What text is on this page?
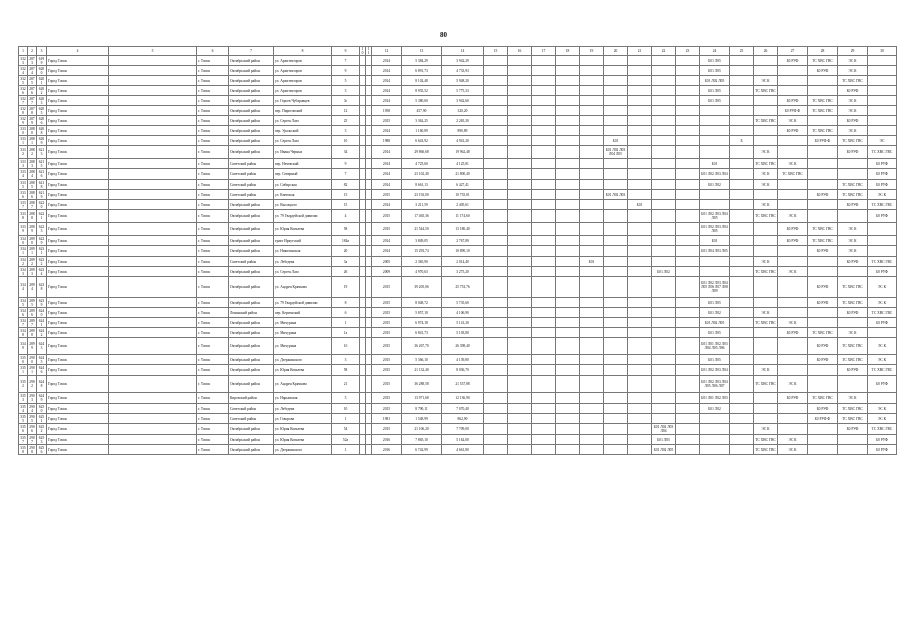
80
1	2	3	4	5	6	7	8	9	10	11	12	13	14	15	16	17	18	19	20	21	22	23	24	25	26	27	28	29	30
3323	2873	6199	Город Томск		г. Томск	Октябрьский район	ул. Архитекторов	7			2014	5 384,29	3 942,29										Б01 Л05			Б0 РУФ	ТС ХВС ГВС	ЭС К	
3324	2874	6200	Город Томск		г. Томск	Октябрьский район	ул. Архитекторов	9			2014	6 891,73	4 733,93										Б01 Л05				Б0 РУФ	ЭС К	
3325	2875	6201	Город Томск		г. Томск	Октябрьский район	ул. Архитекторов	5			2014	8 102,48	5 948,20										Б01 Л02 Л05		ЭС К			ТС ХВС ГВС	
3326	2876	6202	Город Томск		г. Томск	Октябрьский район	ул. Архитекторов	3			2014	8 935,52	5 775,33										Б01 Л05		ТС ХВС ГВС			Б0 РУФ	
3327	2877	6203	Город Томск		г. Томск	Октябрьский район	ул. Героев Чубаровцев	3г			2014	5 380,60	3 942,60										Б01 Л05			Б0 РУФ	ТС ХВС ГВС	ЭС К	
3328	2878	6205	Город Томск		г. Томск	Октябрьский район	пер. Пироговский	12			1958	457,90	320,20													Б0 РУФ Ф	ТС ХВС ГВС	ЭС К	
3329	2879	6206	Город Томск		г. Томск	Октябрьский район	ул. Сергея Лазо	25			2015	3 362,25	2 265,30												ТС ХВС ГВС	ЭС К		Б0 РУФ	
3330	2880	6208	Город Томск		г. Томск	Октябрьский район	пер. Уральский	3			2014	1 160,89	890,89													Б0 РУФ	ТС ХВС ГВС	ЭС К	
3331	2881	6209	Город Томск		г. Томск	Октябрьский район	ул. Сергея Лазо	10			1988	6 643,92	4 941,20						Б01					Б			Б0 РУФ Ф	ТС ХВС ГВС	ЭС
3332	2882	6213	Город Томск		г. Томск	Октябрьский район	ул. Ивана Черных	34			2014	29 860,68	19 962,48						Б01 Л02 Л03 Л04 Л05						ЭС К			Б0 РУФ	ТС ХВС ГВС
3333	2883	6215	Город Томск		г. Томск	Советский район	пер. Нечевский	9			2014	4 725,60	4 125,81										Б01		ТС ХВС ГВС	ЭС К			Б0 РУФ
3334	2884	6216	Город Томск		г. Томск	Советский район	пер. Северный	7			2014	23 102,40	21 800,40										Б01 Л02 Л03 Л04		ЭС К	ТС ХВС ГВС			Б0 РУФ
3335	2885	6218	Город Томск		г. Томск	Советский район	ул. Сибирская	82			2014	8 661,13	6 427,41										Б01 Л02		ЭС К			ТС ХВС ГВС	Б0 РУФ
3336	2886	6219	Город Томск		г. Томск	Советский район	ул. Киевская	15			2015	23 192,00	10 735,01						Б01 Л02 Л03								Б0 РУФ	ТС ХВС ГВС	ЭС К
3337	2887	6220	Город Томск		г. Томск	Октябрьский район	ул. Высоцкого	15			2014	3 211,59	2 405,61							Б01					ЭС К			Б0 РУФ	ТС ХВС ГВС
3338	2888	6221	Город Томск		г. Томск	Октябрьский район	ул. 79 Гвардейской дивизии	4			2015	17 465,36	11 174,60										Б01 Л02 Л03 Л04 Л05		ТС ХВС ГВС	ЭС К			Б0 РУФ
3339	2889	6223	Город Томск		г. Томск	Октябрьский район	ул. Юрия Ковалева	58			2015	21 544,50	13 180,40										Б01 Л02 Л03 Л04 Л05			Б0 РУФ	ТС ХВС ГВС	ЭС К	
3340	2890	6229	Город Томск		г. Томск	Октябрьский район	тракт Иркутский	184а			2014	3 849,05	2 767,80										Б01			Б0 РУФ	ТС ХВС ГВС	ЭС К	
3341	2891	6231	Город Томск		г. Томск	Октябрьский район	ул. Никитинская	20			2014	15 293,74	10 890,10										Б01 Л04 Л03 Л05				Б0 РУФ	ЭС К	
3342	2892	6232	Город Томск		г. Томск	Советский район	ул. Лебедева	3а			2005	2 365,90	2 014,40					Б01							ЭС К			Б0 РУФ	ТС ХВС ГВС
3343	2893	6234	Город Томск		г. Томск	Октябрьский район	ул. Сергея Лазо	26			2009	4 970,63	3 275,20								Б01 Л02				ТС ХВС ГВС	ЭС К			Б0 РУФ
3344	2894	6238	Город Томск		г. Томск	Октябрьский район	ул. Андрея Крячкова	19			2015	39 205,06	25 753,76										Б01 Л02 Л03 Л04 Л05 Л06 Л07 Л08 Л09				Б0 РУФ	ТС ХВС ГВС	ЭС К
3345	2895	6239	Город Томск		г. Томск	Октябрьский район	ул. 79 Гвардейской дивизии	8			2015	8 048,72	5 735,60										Б01 Л05				Б0 РУФ	ТС ХВС ГВС	ЭС К
3346	2896	6240	Город Томск		г. Томск	Ленинский район	пер. Керченский	6			2015	5 857,10	4 106,90										Б01 Л02		ЭС К			Б0 РУФ	ТС ХВС ГВС
3347	2897	6241	Город Томск		г. Томск	Октябрьский район	ул. Мичурина	1			2015	6 974,18	5 141,20										Б01 Л02 Л05		ТС ХВС ГВС	ЭС К			Б0 РУФ
3348	2898	6242	Город Томск		г. Томск	Октябрьский район	ул. Мичурина	1а			2015	6 841,73	5 103,80										Б01 Л05			Б0 РУФ	ТС ХВС ГВС	ЭС К	
3349	2899	6243	Город Томск		г. Томск	Октябрьский район	ул. Мичурина	1б			2015	36 267,70	26 398,40										Б01 Л01 Л02 Л03 Л04 Л05 Л06				Б0 РУФ	ТС ХВС ГВС	ЭС К
3350	2900	6245	Город Томск		г. Томск	Октябрьский район	ул. Дзержинского	3			2015	5 366,10	4 139,80										Б01 Л05				Б0 РУФ	ТС ХВС ГВС	ЭС К
3351	2901	6246	Город Томск		г. Томск	Октябрьский район	ул. Юрия Ковалева	58			2015	21 132,40	8 036,70										Б01 Л02 Л03 Л04		ЭС К			Б0 РУФ	ТС ХВС ГВС
3352	2902	6248	Город Томск		г. Томск	Октябрьский район	ул. Андрея Крячкова	21			2015	36 288,58	21 537,88										Б01 Л02 Л03 Л04 Л05 Л06 Л07		ТС ХВС ГВС	ЭС К			Б0 РУФ
3353	2903	6249	Город Томск		г. Томск	Кировский район	ул. Нарымская	5			2015	13 971,68	12 136,90										Б01 Л01 Л02 Л03			Б0 РУФ	ТС ХВС ГВС	ЭС К	
3354	2904	6250	Город Томск		г. Томск	Советский район	ул. Лебедева	10			2015	8 790,11	7 070,40										Б01 Л02				Б0 РУФ	ТС ХВС ГВС	ЭС К
3355	2905	6251	Город Томск		г. Томск	Советский район	ул. Говорова	1			1981	1 548,99	862,90														Б0 РУФ Ф	ТС ХВС ГВС	ЭС К
3356	2906	6252	Город Томск		г. Томск	Октябрьский район	ул. Юрия Ковалева	54			2015	21 106,20	7 709,00								Б01 Л02 Л03 Л04				ЭС К			Б0 РУФ	ТС ХВС ГВС
3357	2907	6253	Город Томск		г. Томск	Октябрьский район	ул. Юрия Ковалева	52а			2016	7 865,10	5 162,00								Б01 Л05				ТС ХВС ГВС	ЭС К			Б0 РУФ
3358	2908	6256	Город Томск		г. Томск	Октябрьский район	ул. Дзержинского	1			2016	6 742,99	4 661,80								Б01 Л02 Л05				ТС ХВС ГВС	ЭС К			Б0 РУФ
